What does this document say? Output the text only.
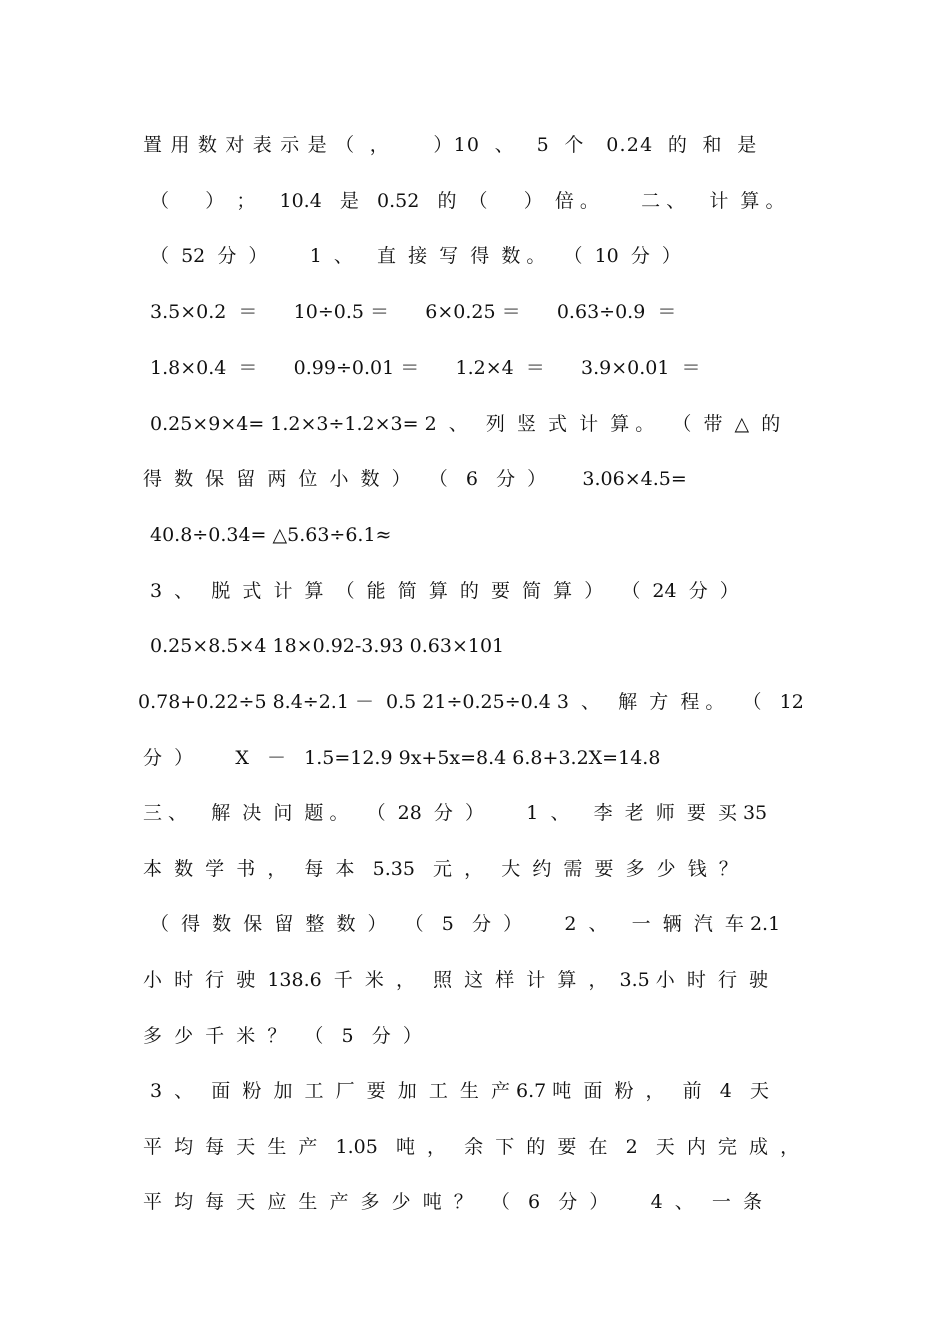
置 用 数 对 表 示 是 （  ，      ）10  、   5  个   0.24  的  和  是
（      ）  ；    10.4   是   0.52   的  （      ）  倍 。       二 、    计  算 。
（  52  分  ）       1  、    直  接  写  得  数 。   （  10  分  ）
3.5×0.2  ＝      10÷0.5 ＝      6×0.25 ＝      0.63÷0.9  ＝
1.8×0.4  ＝      0.99÷0.01 ＝      1.2×4  ＝      3.9×0.01  ＝
0.25×9×4= 1.2×3÷1.2×3= 2  、   列  竖  式  计  算 。   （  带  △  的
得  数  保  留  两  位  小  数  ）   （   6   分  ）      3.06×4.5=
40.8÷0.34= △5.63÷6.1≈
3  、   脱  式  计  算  （  能  简  算  的  要  简  算  ）   （  24  分  ）
0.25×8.5×4 18×0.92-3.93 0.63×101
0.78+0.22÷5 8.4÷2.1 －  0.5 21÷0.25÷0.4 3  、   解  方  程 。   （   12
分  ）       X   －   1.5=12.9 9x+5x=8.4 6.8+3.2X=14.8
三 、    解  决  问  题 。   （  28  分  ）       1  、    李  老  师  要  买 35
本  数  学  书  ，   每  本   5.35   元  ，   大  约  需  要  多  少  钱  ？
（  得  数  保  留  整  数  ）   （   5   分  ）       2  、    一  辆  汽  车 2.1
小  时  行  驶  138.6  千  米  ，   照  这  样  计  算  ，  3.5 小  时  行  驶
多  少  千  米  ？   （   5   分  ）
3  、   面  粉  加  工  厂  要  加  工  生  产 6.7 吨  面  粉  ，   前   4   天
平  均  每  天  生  产   1.05   吨  ，   余  下  的  要  在   2   天  内  完  成  ，
平  均  每  天  应  生  产  多  少  吨  ？   （   6   分  ）       4  、   一  条
